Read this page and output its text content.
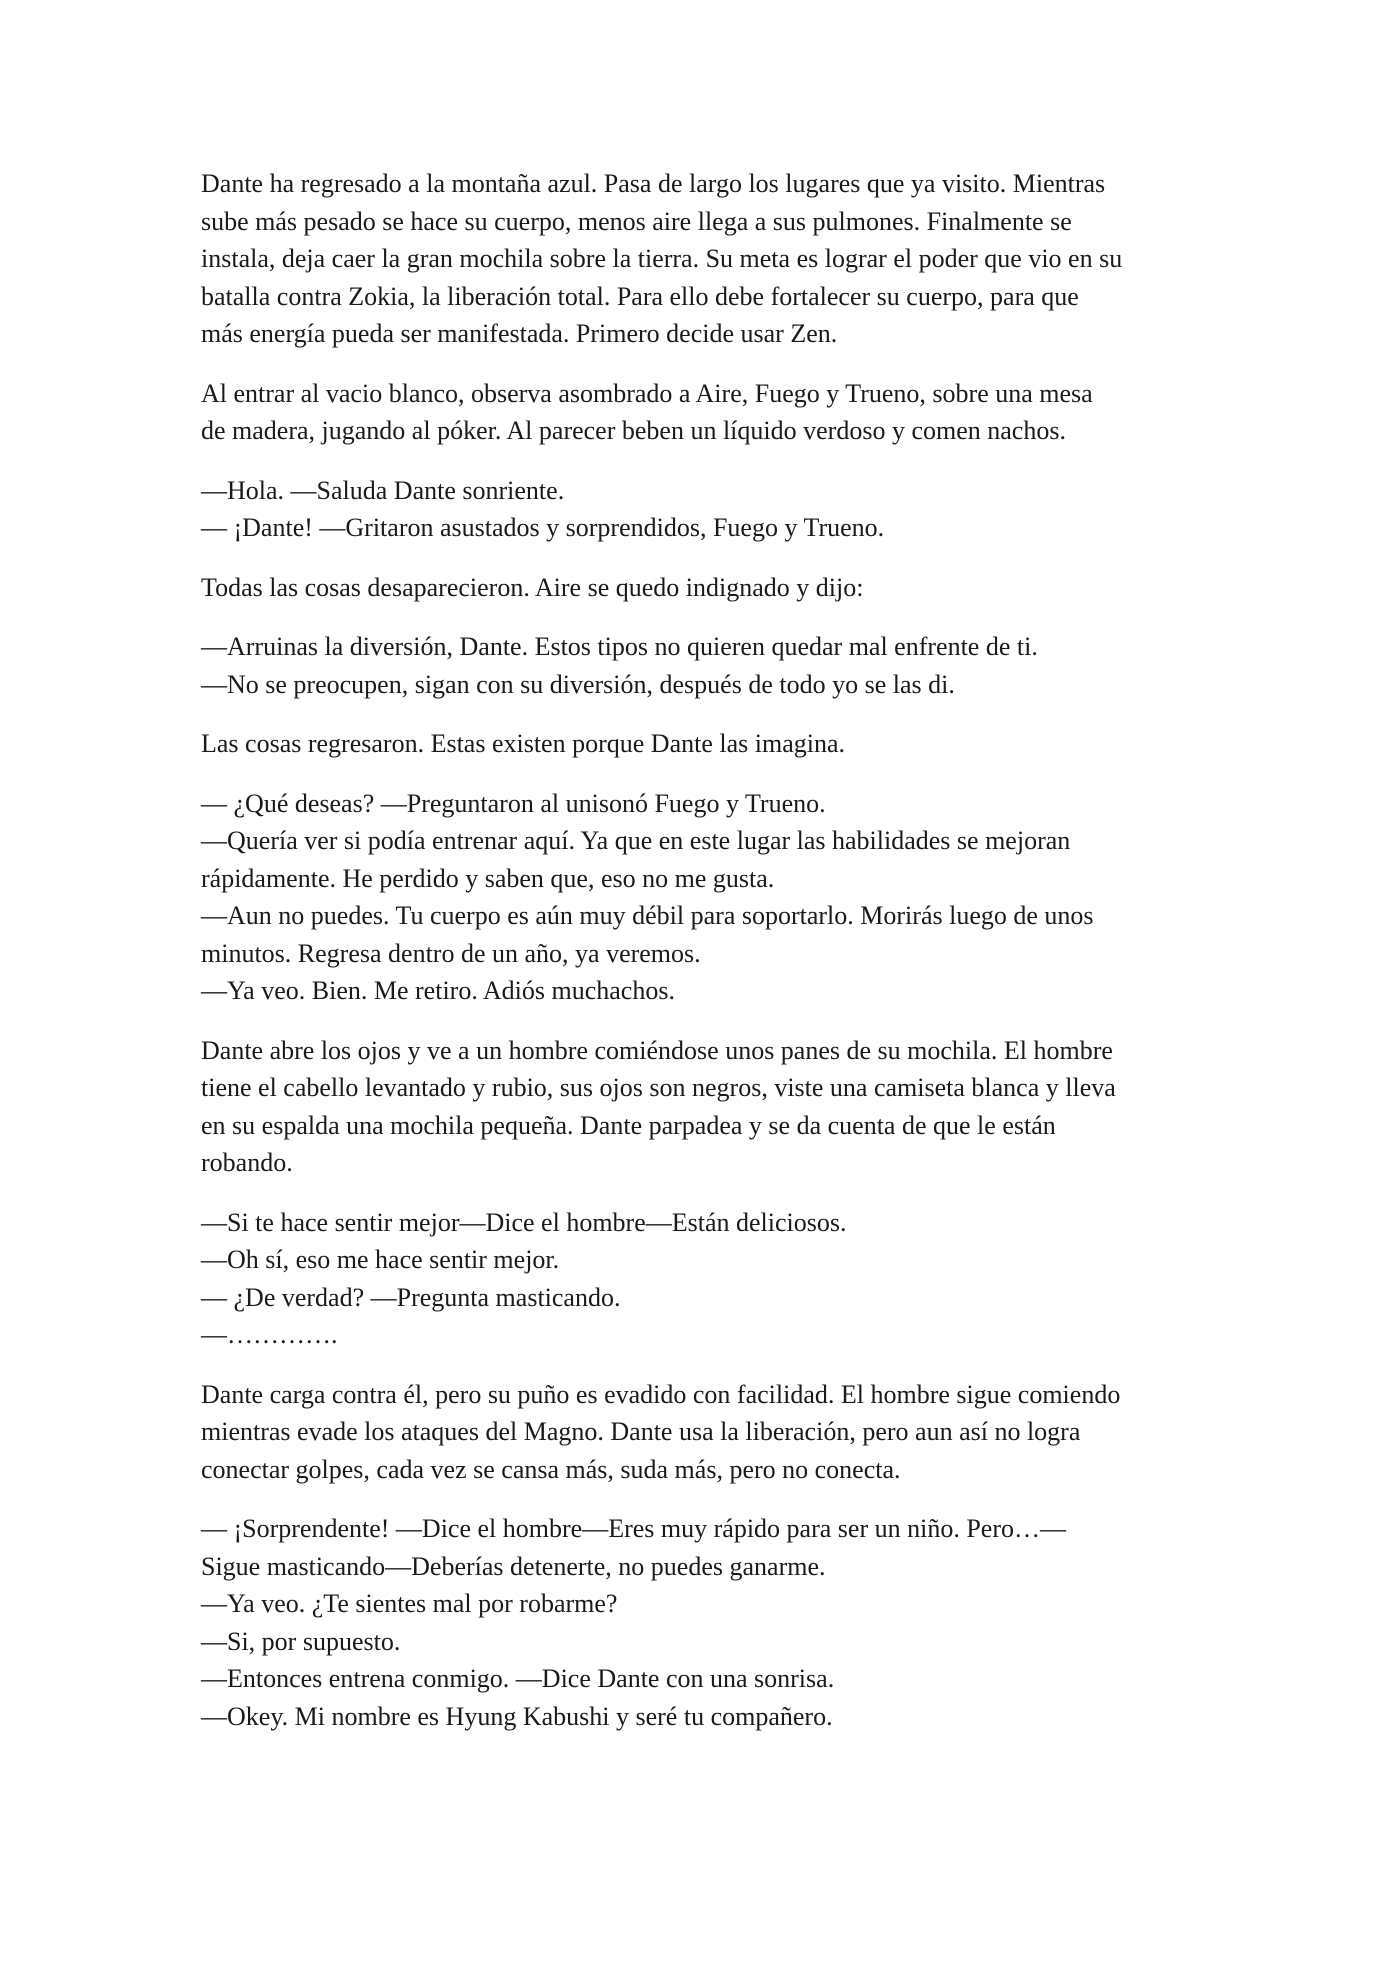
Dante ha regresado a la montaña azul. Pasa de largo los lugares que ya visito. Mientras
sube más pesado se hace su cuerpo, menos aire llega a sus pulmones. Finalmente se
instala, deja caer la gran mochila sobre la tierra. Su meta es lograr el poder que vio en su
batalla contra Zokia, la liberación total. Para ello debe fortalecer su cuerpo, para que
más energía pueda ser manifestada. Primero decide usar Zen.
Al entrar al vacio blanco, observa asombrado a Aire, Fuego y Trueno, sobre una mesa
de madera, jugando al póker. Al parecer beben un líquido verdoso y comen nachos.
—Hola. —Saluda Dante sonriente.
— ¡Dante! —Gritaron asustados y sorprendidos, Fuego y Trueno.
Todas las cosas desaparecieron. Aire se quedo indignado y dijo:
—Arruinas la diversión, Dante. Estos tipos no quieren quedar mal enfrente de ti.
—No se preocupen, sigan con su diversión, después de todo yo se las di.
Las cosas regresaron. Estas existen porque Dante las imagina.
— ¿Qué deseas? —Preguntaron al unisonó Fuego y Trueno.
—Quería ver si podía entrenar aquí. Ya que en este lugar las habilidades se mejoran
rápidamente. He perdido y saben que, eso no me gusta.
—Aun no puedes. Tu cuerpo es aún muy débil para soportarlo. Morirás luego de unos
minutos. Regresa dentro de un año, ya veremos.
—Ya veo. Bien. Me retiro. Adiós muchachos.
Dante abre los ojos y ve a un hombre comiéndose unos panes de su mochila. El hombre
tiene el cabello levantado y rubio, sus ojos son negros, viste una camiseta blanca y lleva
en su espalda una mochila pequeña. Dante parpadea y se da cuenta de que le están
robando.
—Si te hace sentir mejor—Dice el hombre—Están deliciosos.
—Oh sí, eso me hace sentir mejor.
— ¿De verdad? —Pregunta masticando.
—………….
Dante carga contra él, pero su puño es evadido con facilidad. El hombre sigue comiendo
mientras evade los ataques del Magno. Dante usa la liberación, pero aun así no logra
conectar golpes, cada vez se cansa más, suda más, pero no conecta.
— ¡Sorprendente! —Dice el hombre—Eres muy rápido para ser un niño. Pero…—
Sigue masticando—Deberías detenerte, no puedes ganarme.
—Ya veo. ¿Te sientes mal por robarme?
—Si, por supuesto.
—Entonces entrena conmigo. —Dice Dante con una sonrisa.
—Okey. Mi nombre es Hyung Kabushi y seré tu compañero.
